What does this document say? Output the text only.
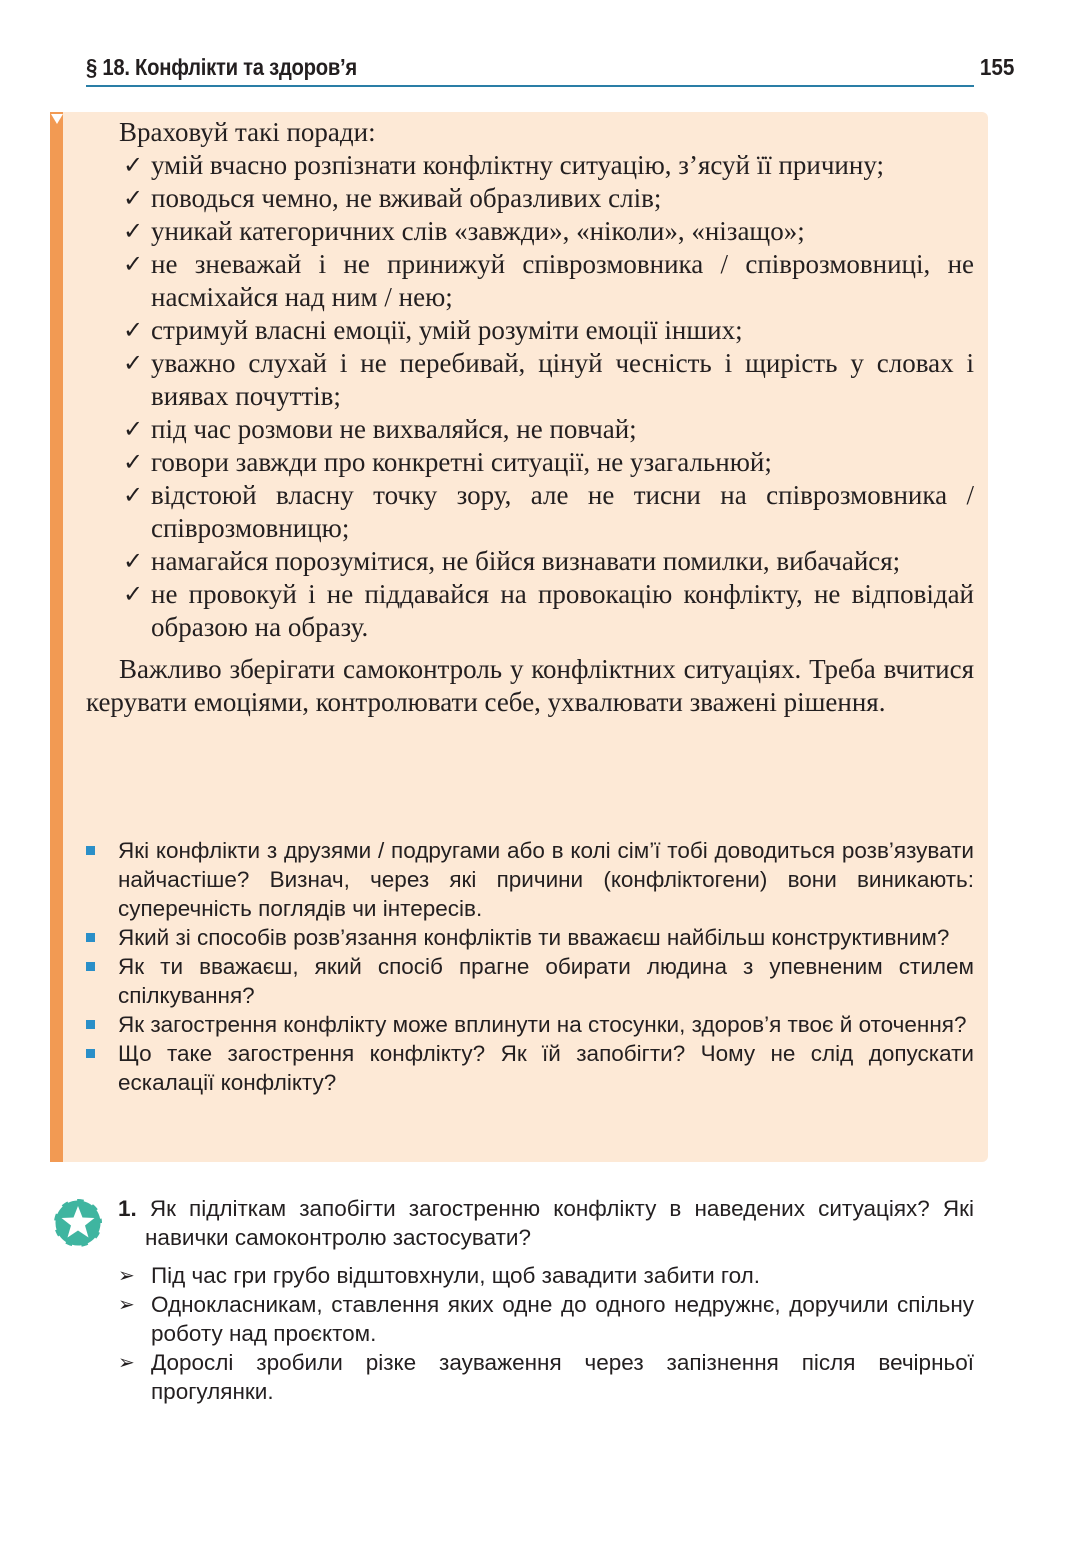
§ 18. Конфлікти та здоров’я	155
Враховуй такі поради:
✓ умій вчасно розпізнати конфліктну ситуацію, з’ясуй її причину;
✓ поводься чемно, не вживай образливих слів;
✓ уникай категоричних слів «завжди», «ніколи», «нізащо»;
✓ не зневажай і не принижуй співрозмовника / співрозмовниці, не насміхайся над ним / нею;
✓ стримуй власні емоції, умій розуміти емоції інших;
✓ уважно слухай і не перебивай, цінуй чесність і щирість у словах і виявах почуттів;
✓ під час розмови не вихваляйся, не повчай;
✓ говори завжди про конкретні ситуації, не узагальнюй;
✓ відстоюй власну точку зору, але не тисни на співрозмовника / співрозмовницю;
✓ намагайся порозумітися, не бійся визнавати помилки, вибачайся;
✓ не провокуй і не піддавайся на провокацію конфлікту, не відповідай образою на образу.
Важливо зберігати самоконтроль у конфліктних ситуаціях. Треба вчитися керувати емоціями, контролювати себе, ухвалювати зважені рішення.
Які конфлікти з друзями / подругами або в колі сім’ї тобі доводиться розв’язувати найчастіше? Визнач, через які причини (конфліктогени) вони виникають: суперечність поглядів чи інтересів.
Який зі способів розв’язання конфліктів ти вважаєш найбільш конструктивним?
Як ти вважаєш, який спосіб прагне обирати людина з упевненим стилем спілкування?
Як загострення конфлікту може вплинути на стосунки, здоров’я твоє й оточення?
Що таке загострення конфлікту? Як їй запобігти? Чому не слід допускати ескалації конфлікту?
1. Як підліткам запобігти загостренню конфлікту в наведених ситуаціях? Які навички самоконтролю застосувати?
➢ Під час гри грубо відштовхнули, щоб завадити забити гол.
➢ Однокласникам, ставлення яких одне до одного недружнє, доручили спільну роботу над проєктом.
➢ Дорослі зробили різке зауваження через запізнення після вечірньої прогулянки.
